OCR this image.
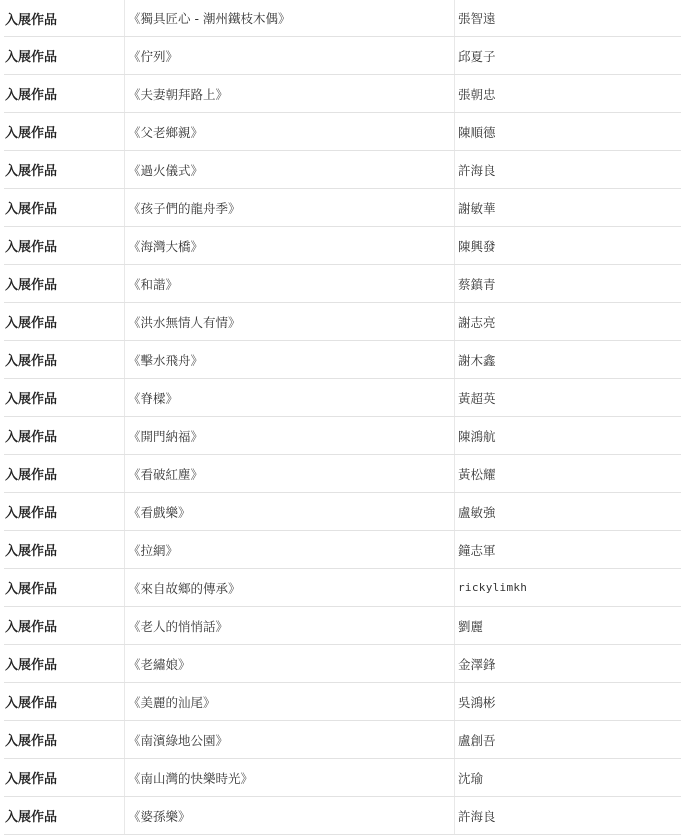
入展作品	《獨具匠心 - 潮州鐵枝木偶》	張智遠
入展作品	《佇列》	邱夏子
入展作品	《夫妻朝拜路上》	張朝忠
入展作品	《父老鄉親》	陳順德
入展作品	《過火儀式》	許海良
入展作品	《孩子們的龍舟季》	謝敏華
入展作品	《海灣大橋》	陳興發
入展作品	《和諧》	蔡鎮青
入展作品	《洪水無情人有情》	謝志亮
入展作品	《擊水飛舟》	謝木鑫
入展作品	《脊樑》	黃超英
入展作品	《開門納福》	陳鴻航
入展作品	《看破紅塵》	黃松耀
入展作品	《看戲樂》	盧敏強
入展作品	《拉網》	鐘志軍
入展作品	《來自故鄉的傳承》	rickylimkh
入展作品	《老人的悄悄話》	劉麗
入展作品	《老繡娘》	金澤鋒
入展作品	《美麗的汕尾》	吳鴻彬
入展作品	《南濱綠地公園》	盧創吾
入展作品	《南山灣的快樂時光》	沈瑜
入展作品	《婆孫樂》	許海良
